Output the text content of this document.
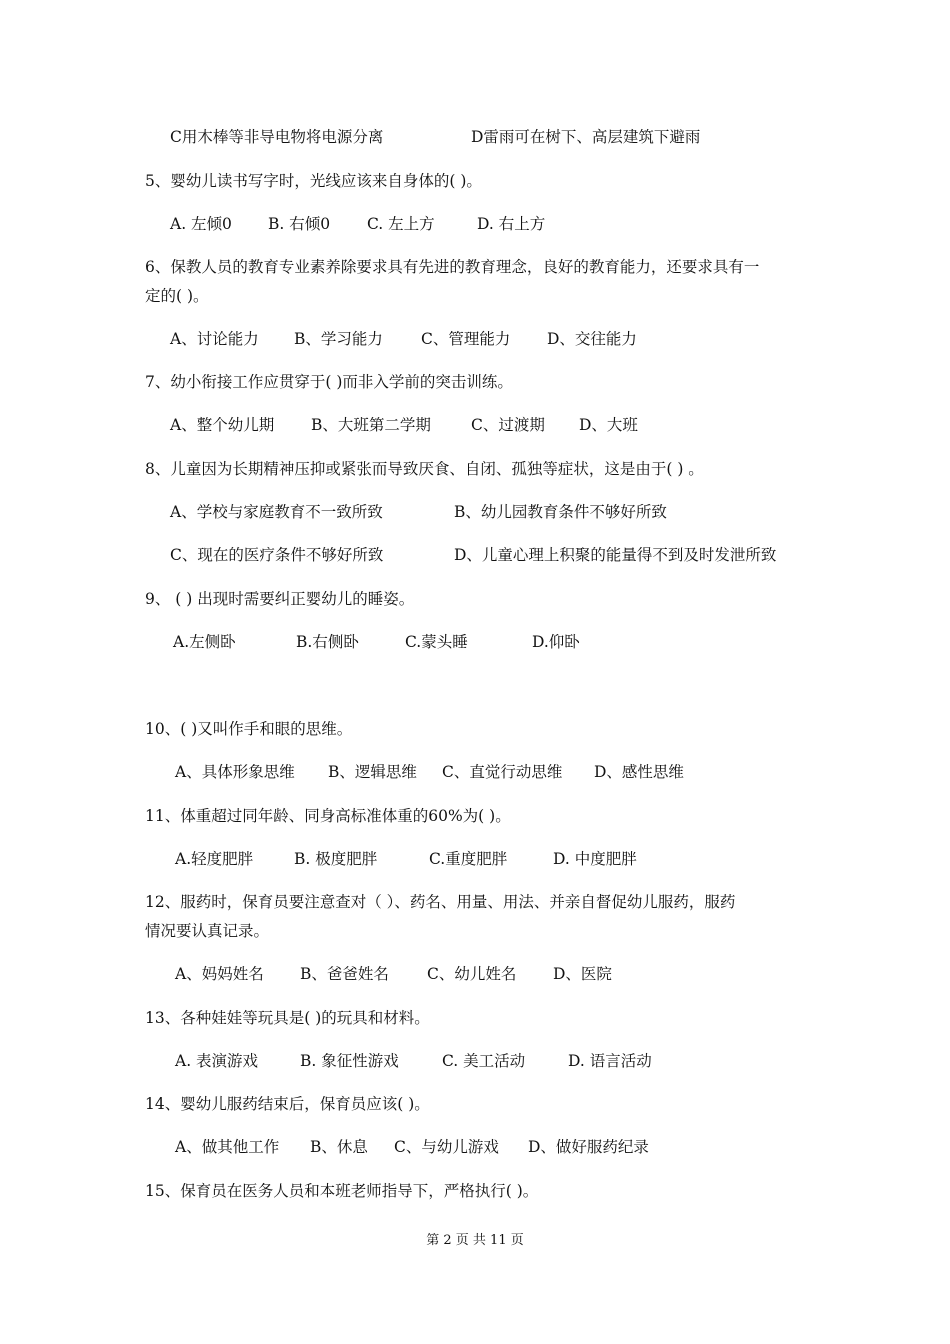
C用木棒等非导电物将电源分离	D雷雨可在树下、高层建筑下避雨
5、婴幼儿读书写字时，光线应该来自身体的( )。
A. 左倾0 B. 右倾0 C. 左上方	D. 右上方
6、保教人员的教育专业素养除要求具有先进的教育理念，良好的教育能力，还要求具有一
定的( )。
A、讨论能力 B、学习能力 C、管理能力 D、交往能力
7、幼小衔接工作应贯穿于( )而非入学前的突击训练。
A、整个幼儿期 B、大班第二学期	C、过渡期 D、大班
8、儿童因为长期精神压抑或紧张而导致厌食、自闭、孤独等症状，这是由于( ) 。
A、学校与家庭教育不一致所致	B、幼儿园教育条件不够好所致
C、现在的医疗条件不够好所致	D、儿童心理上积聚的能量得不到及时发泄所致
9、 ( ) 出现时需要纠正婴幼儿的睡姿。
A.左侧卧	B.右侧卧	C.蒙头睡	D.仰卧
10、( )又叫作手和眼的思维。
A、具体形象思维 B、逻辑思维 C、直觉行动思维 D、感性思维
11、体重超过同年龄、同身高标准体重的60%为( )。
A.轻度肥胖	B. 极度肥胖	C.重度肥胖	D. 中度肥胖
12、服药时，保育员要注意查对（ ）、药名、用量、用法、并亲自督促幼儿服药，服药
情况要认真记录。
A、妈妈姓名 B、爸爸姓名 C、幼儿姓名 D、医院
13、各种娃娃等玩具是( )的玩具和材料。
A. 表演游戏	B. 象征性游戏	C. 美工活动	D. 语言活动
14、婴幼儿服药结束后，保育员应该( )。
A、做其他工作 B、休息 C、与幼儿游戏 D、做好服药纪录
15、保育员在医务人员和本班老师指导下，严格执行( )。
第 2 页 共 11 页
